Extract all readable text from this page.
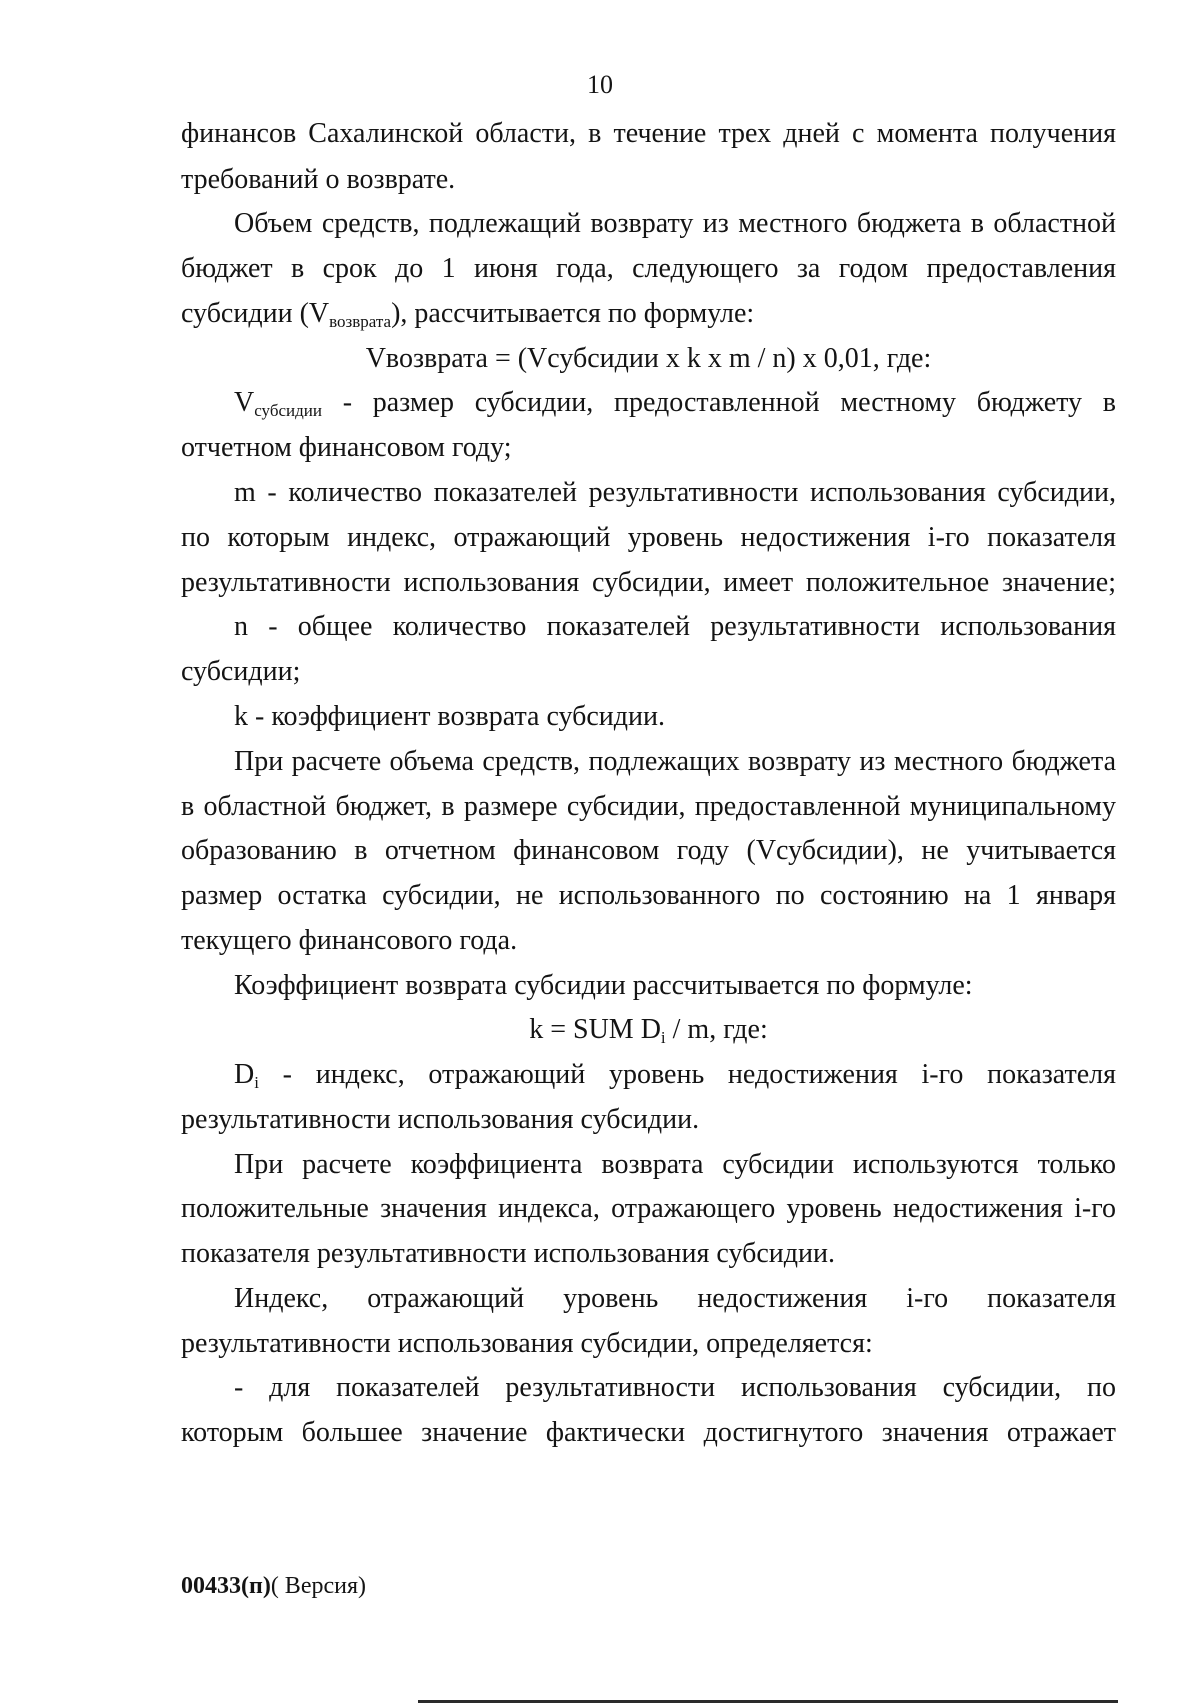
10
финансов Сахалинской области, в течение трех дней с момента получения
требований о возврате.
Объем средств, подлежащий возврату из местного бюджета в областной
бюджет в срок до 1 июня года, следующего за годом предоставления
субсидии $(V_{возврата})$, рассчитывается по формуле:
Vвозврата = (Vсубсидии x k x m / n) x 0,01, где:
$V_{субсидии}$ - размер субсидии, предоставленной местному бюджету в
отчетном финансовом году;
m - количество показателей результативности использования субсидии,
по которым индекс, отражающий уровень недостижения i-го показателя
результативности использования субсидии, имеет положительное значение;
n - общее количество показателей результативности использования
субсидии;
k - коэффициент возврата субсидии.
При расчете объема средств, подлежащих возврату из местного бюджета
в областной бюджет, в размере субсидии, предоставленной муниципальному
образованию в отчетном финансовом году (Vсубсидии), не учитывается
размер остатка субсидии, не использованного по состоянию на 1 января
текущего финансового года.
Коэффициент возврата субсидии рассчитывается по формуле:
k = SUM $D_i$ / m, где:
$D_i$ - индекс, отражающий уровень недостижения i-го показателя
результативности использования субсидии.
При расчете коэффициента возврата субсидии используются только
положительные значения индекса, отражающего уровень недостижения i-го
показателя результативности использования субсидии.
Индекс, отражающий уровень недостижения i-го показателя
результативности использования субсидии, определяется:
- для показателей результативности использования субсидии, по
которым большее значение фактически достигнутого значения отражает
00433(п)( Версия)
